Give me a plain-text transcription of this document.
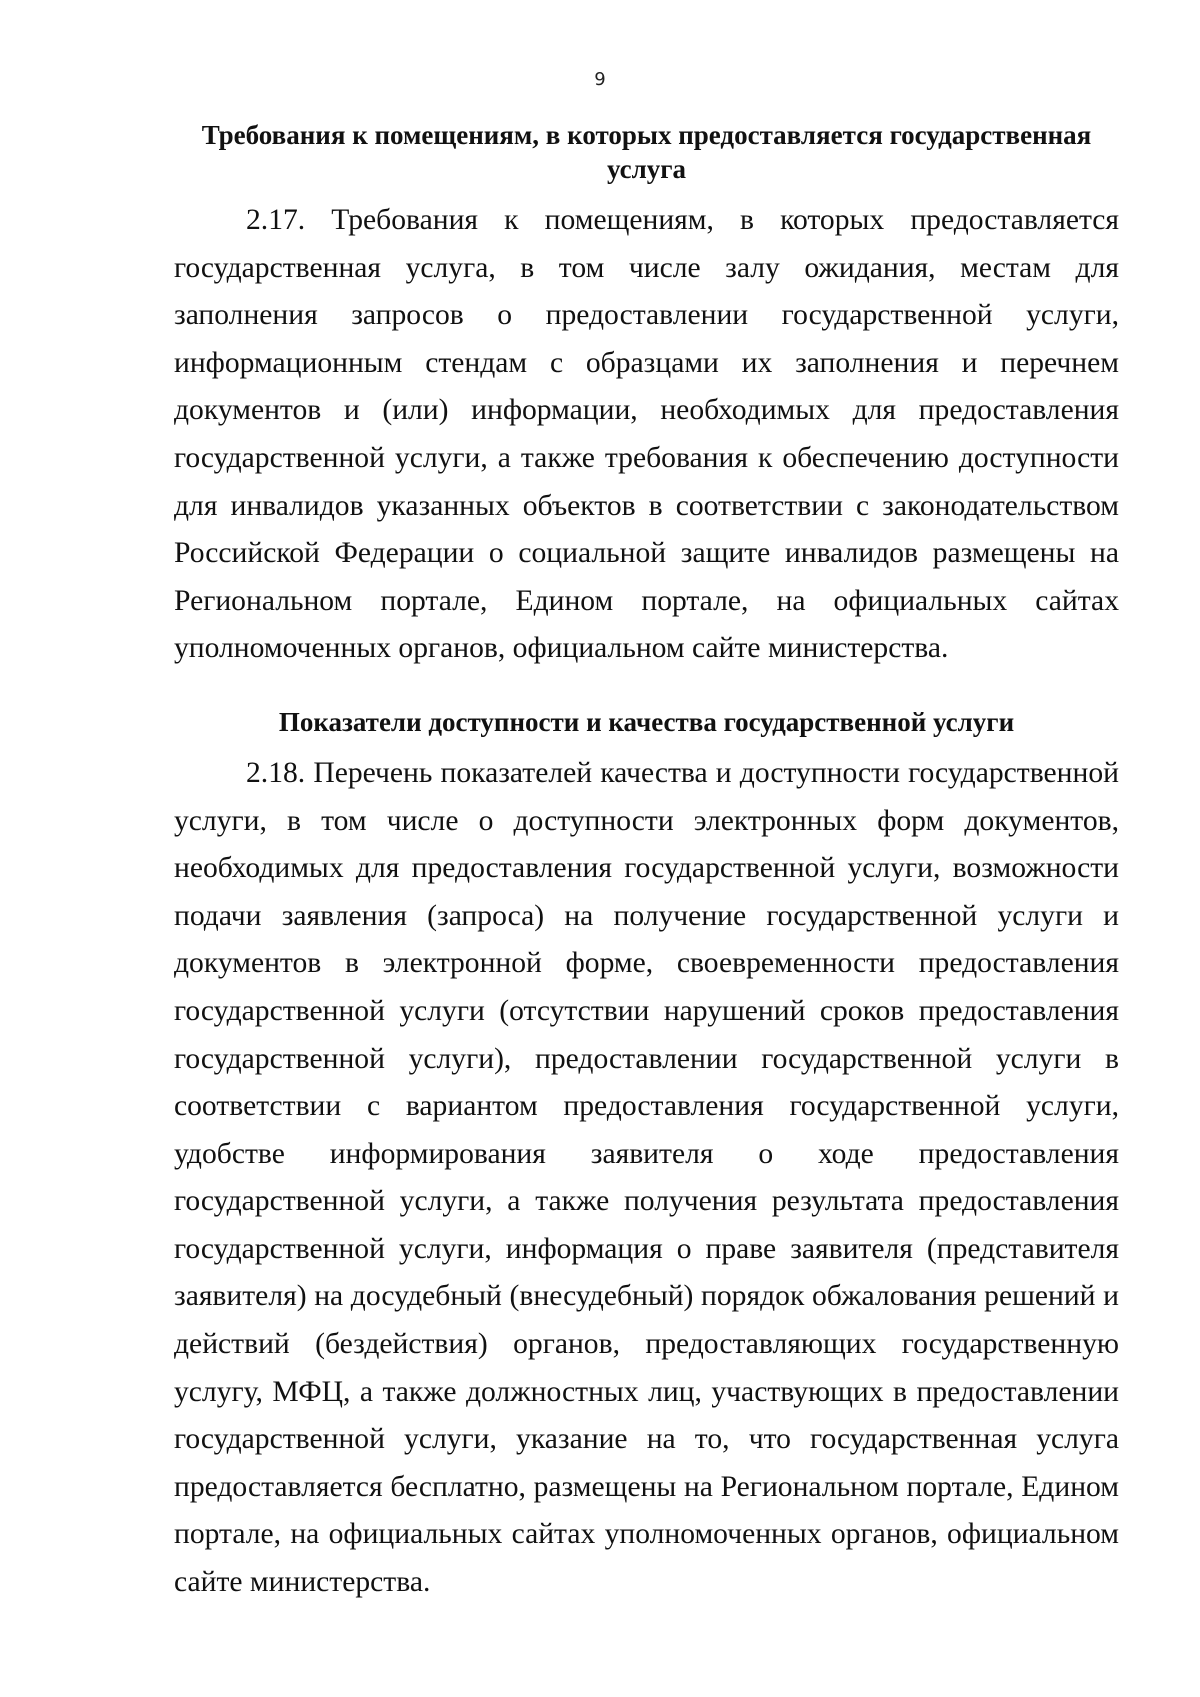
9
Требования к помещениям, в которых предоставляется государственная услуга

2.17. Требования к помещениям, в которых предоставляется государственная услуга, в том числе залу ожидания, местам для заполнения запросов о предоставлении государственной услуги, информационным стендам с образцами их заполнения и перечнем документов и (или) информации, необходимых для предоставления государственной услуги, а также требования к обеспечению доступности для инвалидов указанных объектов в соответствии с законодательством Российской Федерации о социальной защите инвалидов размещены на Региональном портале, Едином портале, на официальных сайтах уполномоченных органов, официальном сайте министерства.

Показатели доступности и качества государственной услуги

2.18. Перечень показателей качества и доступности государственной услуги, в том числе о доступности электронных форм документов, необходимых для предоставления государственной услуги, возможности подачи заявления (запроса) на получение государственной услуги и документов в электронной форме, своевременности предоставления государственной услуги (отсутствии нарушений сроков предоставления государственной услуги), предоставлении государственной услуги в соответствии с вариантом предоставления государственной услуги, удобстве информирования заявителя о ходе предоставления государственной услуги, а также получения результата предоставления государственной услуги, информация о праве заявителя (представителя заявителя) на досудебный (внесудебный) порядок обжалования решений и действий (бездействия) органов, предоставляющих государственную услугу, МФЦ, а также должностных лиц, участвующих в предоставлении государственной услуги, указание на то, что государственная услуга предоставляется бесплатно, размещены на Региональном портале, Едином портале, на официальных сайтах уполномоченных органов, официальном сайте министерства.
